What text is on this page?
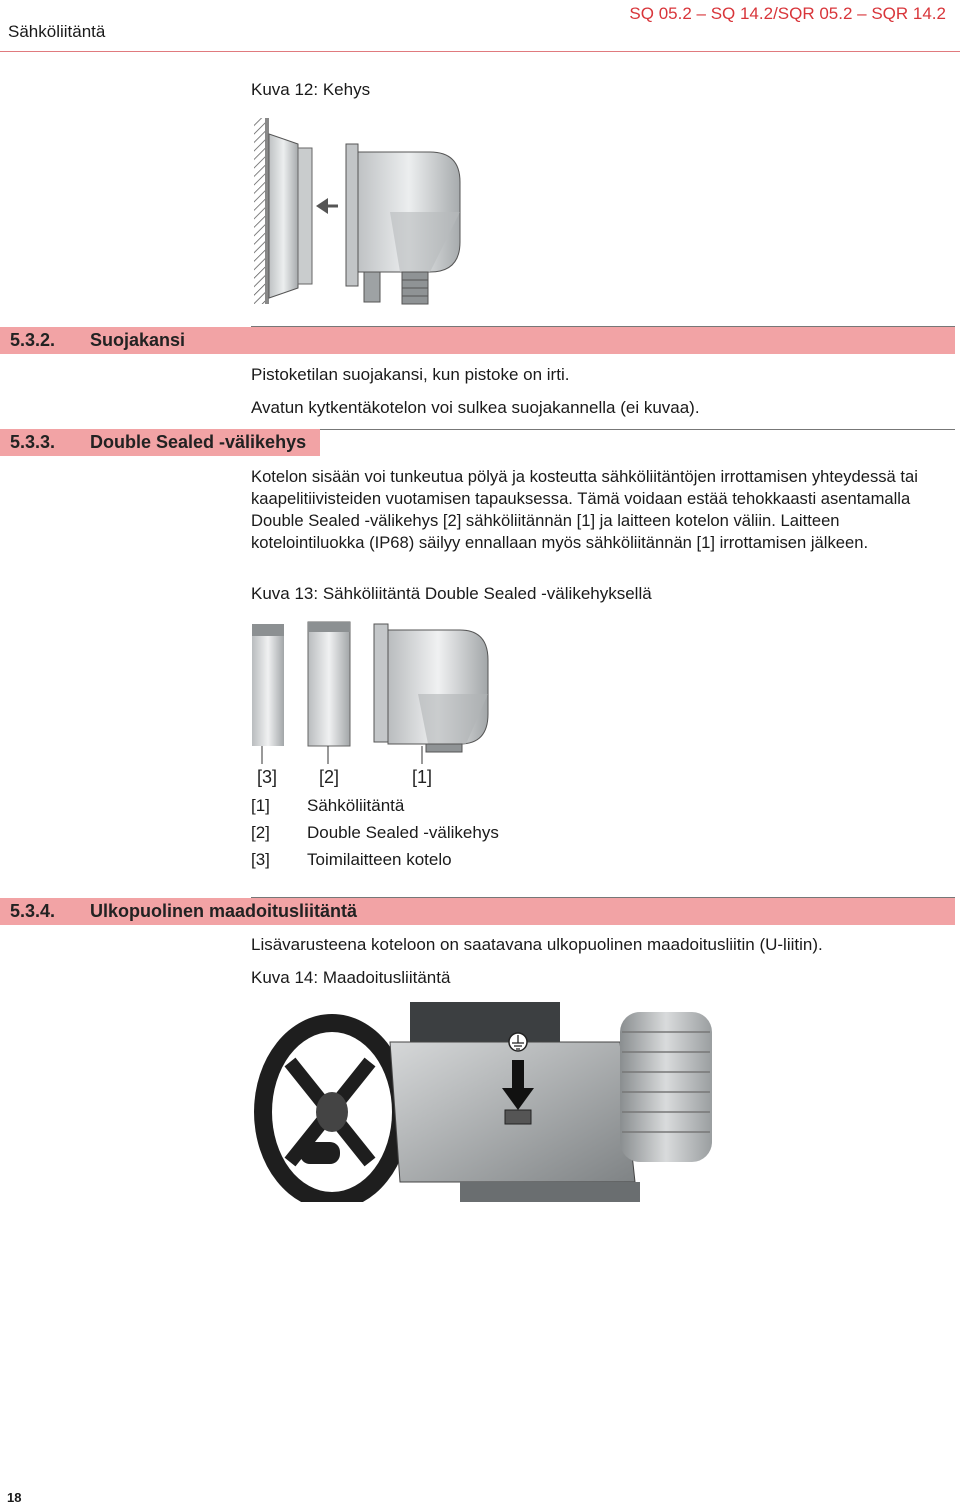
Sähköliitäntä
SQ 05.2 – SQ 14.2/SQR 05.2 – SQR 14.2
Kuva 12: Kehys
5.3.2. Suojakansi
Pistoketilan suojakansi, kun pistoke on irti.
Avatun kytkentäkotelon voi sulkea suojakannella (ei kuvaa).
5.3.3. Double Sealed -välikehys
Kotelon sisään voi tunkeutua pölyä ja kosteutta sähköliitäntöjen irrottamisen yhteydessä tai kaapelitiivisteiden vuotamisen tapauksessa. Tämä voidaan estää tehokkaasti asentamalla Double Sealed -välikehys [2] sähköliitännän [1] ja laitteen kotelon väliin. Laitteen kotelointiluokka (IP68) säilyy ennallaan myös sähköliitännän [1] irrottamisen jälkeen.
Kuva 13: Sähköliitäntä Double Sealed -välikehyksellä
[3] [2]	[1]
[1] Sähköliitäntä
[2] Double Sealed -välikehys
[3] Toimilaitteen kotelo
5.3.4. Ulkopuolinen maadoitusliitäntä
Lisävarusteena koteloon on saatavana ulkopuolinen maadoitusliitin (U-liitin).
Kuva 14: Maadoitusliitäntä
18
